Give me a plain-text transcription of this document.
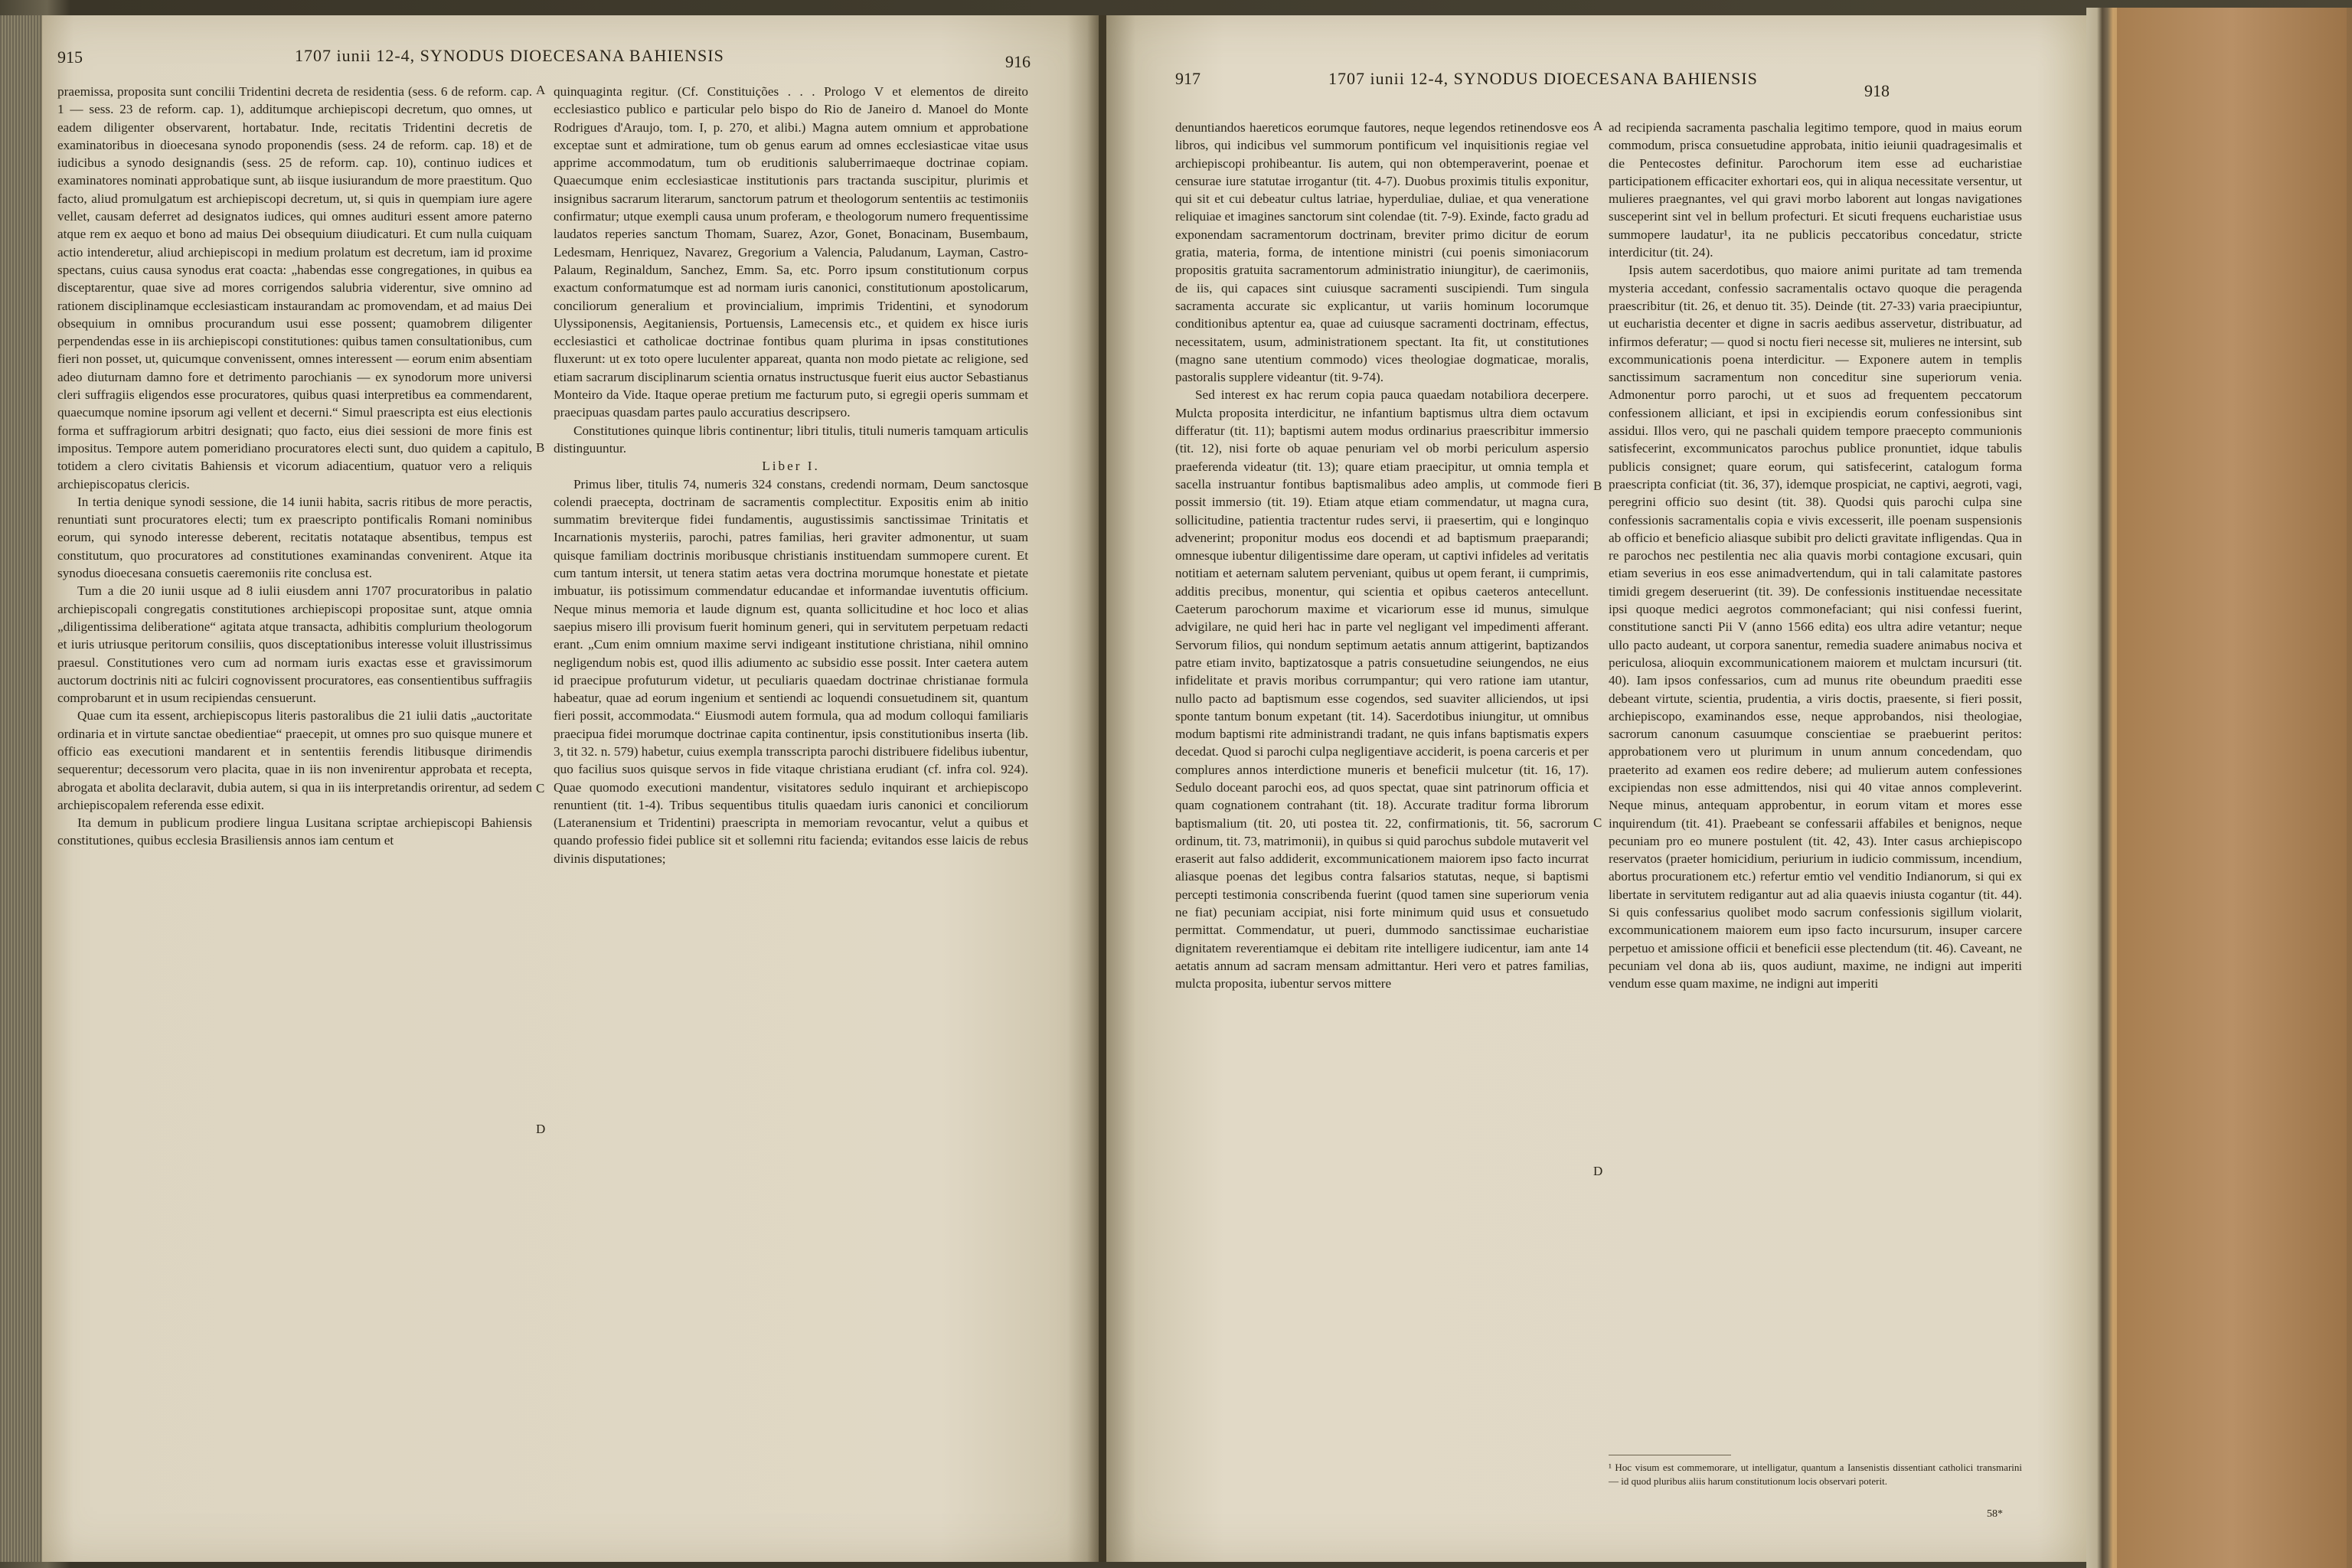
915	1707 iunii 12-4, SYNODUS DIOECESANA BAHIENSIS	916

praemissa, proposita sunt concilii Tridentini decreta de residentia (sess. 6 de reform. cap. 1 — sess. 23 de reform. cap. 1), additumque archiepiscopi decretum, quo omnes, ut eadem diligenter observarent, hortabatur. Inde, recitatis Tridentini decretis de examinatoribus in dioecesana synodo proponendis (sess. 24 de reform. cap. 18) et de iudicibus a synodo designandis (sess. 25 de reform. cap. 10), continuo iudices et examinatores nominati approbatique sunt, ab iisque iusiurandum de more praestitum. Quo facto, aliud promulgatum est archiepiscopi decretum, ut, si quis in quempiam iure agere vellet, causam deferret ad designatos iudices, qui omnes audituri essent amore paterno atque rem ex aequo et bono ad maius Dei obsequium diiudicaturi. Et cum nulla cuiquam actio intenderetur, aliud archiepiscopi in medium prolatum est decretum, iam id proxime spectans, cuius causa synodus erat coacta: „habendas esse congregationes, in quibus ea disceptarentur, quae sive ad mores corrigendos salubria viderentur, sive omnino ad rationem disciplinamque ecclesiasticam instaurandam ac promovendam, et ad maius Dei obsequium in omnibus procurandum usui esse possent; quamobrem diligenter perpendendas esse in iis archiepiscopi constitutiones: quibus tamen consultationibus, cum fieri non posset, ut, quicumque convenissent, omnes interessent — eorum enim absentiam adeo diuturnam damno fore et detrimento parochianis — ex synodorum more universi cleri suffragiis eligendos esse procuratores, quibus quasi interpretibus ea commendarent, quaecumque nomine ipsorum agi vellent et decerni.“ Simul praescripta est eius electionis forma et suffragiorum arbitri designati; quo facto, eius diei sessioni de more finis est impositus. Tempore autem pomeridiano procuratores electi sunt, duo quidem a capitulo, totidem a clero civitatis Bahiensis et vicorum adiacentium, quatuor vero a reliquis archiepiscopatus clericis.

In tertia denique synodi sessione, die 14 iunii habita, sacris ritibus de more peractis, renuntiati sunt procuratores electi; tum ex praescripto pontificalis Romani nominibus eorum, qui synodo interesse deberent, recitatis notataque absentibus, tempus est constitutum, quo procuratores ad constitutiones examinandas convenirent. Atque ita synodus dioecesana consuetis caeremoniis rite conclusa est.

Tum a die 20 iunii usque ad 8 iulii eiusdem anni 1707 procuratoribus in palatio archiepiscopali congregatis constitutiones archiepiscopi propositae sunt, atque omnia „diligentissima deliberatione“ agitata atque transacta, adhibitis complurium theologorum et iuris utriusque peritorum consiliis, quos disceptationibus interesse voluit illustrissimus praesul. Constitutiones vero cum ad normam iuris exactas esse et gravissimorum auctorum doctrinis niti ac fulciri cognovissent procuratores, eas consentientibus suffragiis comprobarunt et in usum recipiendas censuerunt.

Quae cum ita essent, archiepiscopus literis pastoralibus die 21 iulii datis „auctoritate ordinaria et in virtute sanctae obedientiae“ praecepit, ut omnes pro suo quisque munere et officio eas executioni mandarent et in sententiis ferendis litibusque dirimendis sequerentur; decessorum vero placita, quae in iis non invenirentur approbata et recepta, abrogata et abolita declaravit, dubia autem, si qua in iis interpretandis orirentur, ad sedem archiepiscopalem referenda esse edixit.

Ita demum in publicum prodiere lingua Lusitana scriptae archiepiscopi Bahiensis constitutiones, quibus ecclesia Brasiliensis annos iam centum et

A
B
C
D

quinquaginta regitur. (Cf. Constituições . . . Prologo V et elementos de direito ecclesiastico publico e particular pelo bispo do Rio de Janeiro d. Manoel do Monte Rodrigues d'Araujo, tom. I, p. 270, et alibi.) Magna autem omnium et approbatione exceptae sunt et admiratione, tum ob genus earum ad omnes ecclesiasticae vitae usus apprime accommodatum, tum ob eruditionis saluberrimaeque doctrinae copiam. Quaecumque enim ecclesiasticae institutionis pars tractanda suscipitur, plurimis et insignibus sacrarum literarum, sanctorum patrum et theologorum sententiis ac testimoniis confirmatur; utque exempli causa unum proferam, e theologorum numero frequentissime laudatos reperies sanctum Thomam, Suarez, Azor, Gonet, Bonacinam, Busembaum, Ledesmam, Henriquez, Navarez, Gregorium a Valencia, Paludanum, Layman, Castro-Palaum, Reginaldum, Sanchez, Emm. Sa, etc. Porro ipsum constitutionum corpus exactum conformatumque est ad normam iuris canonici, constitutionum apostolicarum, conciliorum generalium et provincialium, imprimis Tridentini, et synodorum Ulyssiponensis, Aegitaniensis, Portuensis, Lamecensis etc., et quidem ex hisce iuris ecclesiastici et catholicae doctrinae fontibus quam plurima in ipsas constitutiones fluxerunt: ut ex toto opere luculenter appareat, quanta non modo pietate ac religione, sed etiam sacrarum disciplinarum scientia ornatus instructusque fuerit eius auctor Sebastianus Monteiro da Vide. Itaque operae pretium me facturum puto, si egregii operis summam et praecipuas quasdam partes paulo accuratius descripsero.

Constitutiones quinque libris continentur; libri titulis, tituli numeris tamquam articulis distinguuntur.

Liber I.

Primus liber, titulis 74, numeris 324 constans, credendi normam, Deum sanctosque colendi praecepta, doctrinam de sacramentis complectitur. Expositis enim ab initio summatim breviterque fidei fundamentis, augustissimis sanctissimae Trinitatis et Incarnationis mysteriis, parochi, patres familias, heri graviter admonentur, ut suam quisque familiam doctrinis moribusque christianis instituendam summopere curent. Et cum tantum intersit, ut tenera statim aetas vera doctrina morumque honestate et pietate imbuatur, iis potissimum commendatur educandae et informandae iuventutis officium. Neque minus memoria et laude dignum est, quanta sollicitudine et hoc loco et alias saepius misero illi provisum fuerit hominum generi, qui in servitutem perpetuam redacti erant. „Cum enim omnium maxime servi indigeant institutione christiana, nihil omnino negligendum nobis est, quod illis adiumento ac subsidio esse possit. Inter caetera autem id praecipue profuturum videtur, ut peculiaris quaedam doctrinae christianae formula habeatur, quae ad eorum ingenium et sentiendi ac loquendi consuetudinem sit, quantum fieri possit, accommodata.“ Eiusmodi autem formula, qua ad modum colloqui familiaris praecipua fidei morumque doctrinae capita continentur, ipsis constitutionibus inserta (lib. 3, tit 32. n. 579) habetur, cuius exempla transscripta parochi distribuere fidelibus iubentur, quo facilius suos quisque servos in fide vitaque christiana erudiant (cf. infra col. 924). Quae quomodo executioni mandentur, visitatores sedulo inquirant et archiepiscopo renuntient (tit. 1-4). Tribus sequentibus titulis quaedam iuris canonici et conciliorum (Lateranensium et Tridentini) praescripta in memoriam revocantur, velut a quibus et quando professio fidei publice sit et sollemni ritu facienda; evitandos esse laicis de rebus divinis disputationes;

917	1707 iunii 12-4, SYNODUS DIOECESANA BAHIENSIS
918

denuntiandos haereticos eorumque fautores, neque legendos retinendosve eos libros, qui indicibus vel summorum pontificum vel inquisitionis regiae vel archiepiscopi prohibeantur. Iis autem, qui non obtemperaverint, poenae et censurae iure statutae irrogantur (tit. 4-7). Duobus proximis titulis exponitur, qui sit et cui debeatur cultus latriae, hyperduliae, duliae, et qua veneratione reliquiae et imagines sanctorum sint colendae (tit. 7-9). Exinde, facto gradu ad exponendam sacramentorum doctrinam, breviter primo dicitur de eorum gratia, materia, forma, de intentione ministri (cui poenis simoniacorum propositis gratuita sacramentorum administratio iniungitur), de caerimoniis, de iis, qui capaces sint cuiusque sacramenti suscipiendi. Tum singula sacramenta accurate sic explicantur, ut variis hominum locorumque conditionibus aptentur ea, quae ad cuiusque sacramenti doctrinam, effectus, necessitatem, usum, administrationem spectant. Ita fit, ut constitutiones (magno sane utentium commodo) vices theologiae dogmaticae, moralis, pastoralis supplere videantur (tit. 9-74).

Sed interest ex hac rerum copia pauca quaedam notabiliora decerpere. Mulcta proposita interdicitur, ne infantium baptismus ultra diem octavum differatur (tit. 11); baptismi autem modus ordinarius praescribitur immersio (tit. 12), nisi forte ob aquae penuriam vel ob morbi periculum aspersio praeferenda videatur (tit. 13); quare etiam praecipitur, ut omnia templa et sacella instruantur fontibus baptismalibus adeo amplis, ut commode fieri possit immersio (tit. 19). Etiam atque etiam commendatur, ut magna cura, sollicitudine, patientia tractentur rudes servi, ii praesertim, qui e longinquo advenerint; proponitur modus eos docendi et ad baptismum praeparandi; omnesque iubentur diligentissime dare operam, ut captivi infideles ad veritatis notitiam et aeternam salutem perveniant, quibus ut opem ferant, ii cumprimis, additis precibus, monentur, qui scientia et opibus caeteros antecellunt. Caeterum parochorum maxime et vicariorum esse id munus, simulque advigilare, ne quid heri hac in parte vel negligant vel impedimenti afferant. Servorum filios, qui nondum septimum aetatis annum attigerint, baptizandos patre etiam invito, baptizatosque a patris consuetudine seiungendos, ne eius infidelitate et pravis moribus corrumpantur; qui vero ratione iam utantur, nullo pacto ad baptismum esse cogendos, sed suaviter alliciendos, ut ipsi sponte tantum bonum expetant (tit. 14). Sacerdotibus iniungitur, ut omnibus modum baptismi rite administrandi tradant, ne quis infans baptismatis expers decedat. Quod si parochi culpa negligentiave acciderit, is poena carceris et per complures annos interdictione muneris et beneficii mulcetur (tit. 16, 17). Sedulo doceant parochi eos, ad quos spectat, quae sint patrinorum officia et quam cognationem contrahant (tit. 18). Accurate traditur forma librorum baptismalium (tit. 20, uti postea tit. 22, confirmationis, tit. 56, sacrorum ordinum, tit. 73, matrimonii), in quibus si quid parochus subdole mutaverit vel eraserit aut falso addiderit, excommunicationem maiorem ipso facto incurrat aliasque poenas det legibus contra falsarios statutas, neque, si baptismi percepti testimonia conscribenda fuerint (quod tamen sine superiorum venia ne fiat) pecuniam accipiat, nisi forte minimum quid usus et consuetudo permittat. Commendatur, ut pueri, dummodo sanctissimae eucharistiae dignitatem reverentiamque ei debitam rite intelligere iudicentur, iam ante 14 aetatis annum ad sacram mensam admittantur. Heri vero et patres familias, mulcta proposita, iubentur servos mittere

A
B
C
D

ad recipienda sacramenta paschalia legitimo tempore, quod in maius eorum commodum, prisca consuetudine approbata, initio ieiunii quadragesimalis et die Pentecostes definitur. Parochorum item esse ad eucharistiae participationem efficaciter exhortari eos, qui in aliqua necessitate versentur, ut mulieres praegnantes, vel qui gravi morbo laborent aut longas navigationes susceperint sint vel in bellum profecturi. Et sicuti frequens eucharistiae usus summopere laudatur¹, ita ne publicis peccatoribus concedatur, stricte interdicitur (tit. 24).

Ipsis autem sacerdotibus, quo maiore animi puritate ad tam tremenda mysteria accedant, confessio sacramentalis octavo quoque die peragenda praescribitur (tit. 26, et denuo tit. 35). Deinde (tit. 27-33) varia praecipiuntur, ut eucharistia decenter et digne in sacris aedibus asservetur, distribuatur, ad infirmos deferatur; — quod si noctu fieri necesse sit, mulieres ne intersint, sub excommunicationis poena interdicitur. — Exponere autem in templis sanctissimum sacramentum non conceditur sine superiorum venia. Admonentur porro parochi, ut et suos ad frequentem peccatorum confessionem alliciant, et ipsi in excipiendis eorum confessionibus sint assidui. Illos vero, qui ne paschali quidem tempore praecepto communionis satisfecerint, excommunicatos parochus publice pronuntiet, idque tabulis publicis consignet; quare eorum, qui satisfecerint, catalogum forma praescripta conficiat (tit. 36, 37), idemque prospiciat, ne captivi, aegroti, vagi, peregrini officio suo desint (tit. 38). Quodsi quis parochi culpa sine confessionis sacramentalis copia e vivis excesserit, ille poenam suspensionis ab officio et beneficio aliasque subibit pro delicti gravitate infligendas. Qua in re parochos nec pestilentia nec alia quavis morbi contagione excusari, quin etiam severius in eos esse animadvertendum, qui in tali calamitate pastores timidi gregem deseruerint (tit. 39). De confessionis instituendae necessitate ipsi quoque medici aegrotos commonefaciant; qui nisi confessi fuerint, constitutione sancti Pii V (anno 1566 edita) eos ultra adire vetantur; neque ullo pacto audeant, ut corpora sanentur, remedia suadere animabus nociva et periculosa, alioquin excommunicationem maiorem et mulctam incursuri (tit. 40). Iam ipsos confessarios, cum ad munus rite obeundum praediti esse debeant virtute, scientia, prudentia, a viris doctis, praesente, si fieri possit, archiepiscopo, examinandos esse, neque approbandos, nisi theologiae, sacrorum canonum casuumque conscientiae se praebuerint peritos: approbationem vero ut plurimum in unum annum concedendam, quo praeterito ad examen eos redire debere; ad mulierum autem confessiones excipiendas non esse admittendos, nisi qui 40 vitae annos compleverint. Neque minus, antequam approbentur, in eorum vitam et mores esse inquirendum (tit. 41). Praebeant se confessarii affabiles et benignos, neque pecuniam pro eo munere postulent (tit. 42, 43). Inter casus archiepiscopo reservatos (praeter homicidium, periurium in iudicio commissum, incendium, abortus procurationem etc.) refertur emtio vel venditio Indianorum, si qui ex libertate in servitutem redigantur aut ad alia quaevis iniusta cogantur (tit. 44). Si quis confessarius quolibet modo sacrum confessionis sigillum violarit, excommunicationem maiorem eum ipso facto incursurum, insuper carcere perpetuo et amissione officii et beneficii esse plectendum (tit. 46). Caveant, ne pecuniam vel dona ab iis, quos audiunt, maxime, ne indigni aut imperiti vendum esse quam maxime, ne indigni aut imperiti

¹ Hoc visum est commemorare, ut intelligatur, quantum a Iansenistis dissentiant catholici transmarini — id quod pluribus aliis harum constitutionum locis observari poterit.
58*
